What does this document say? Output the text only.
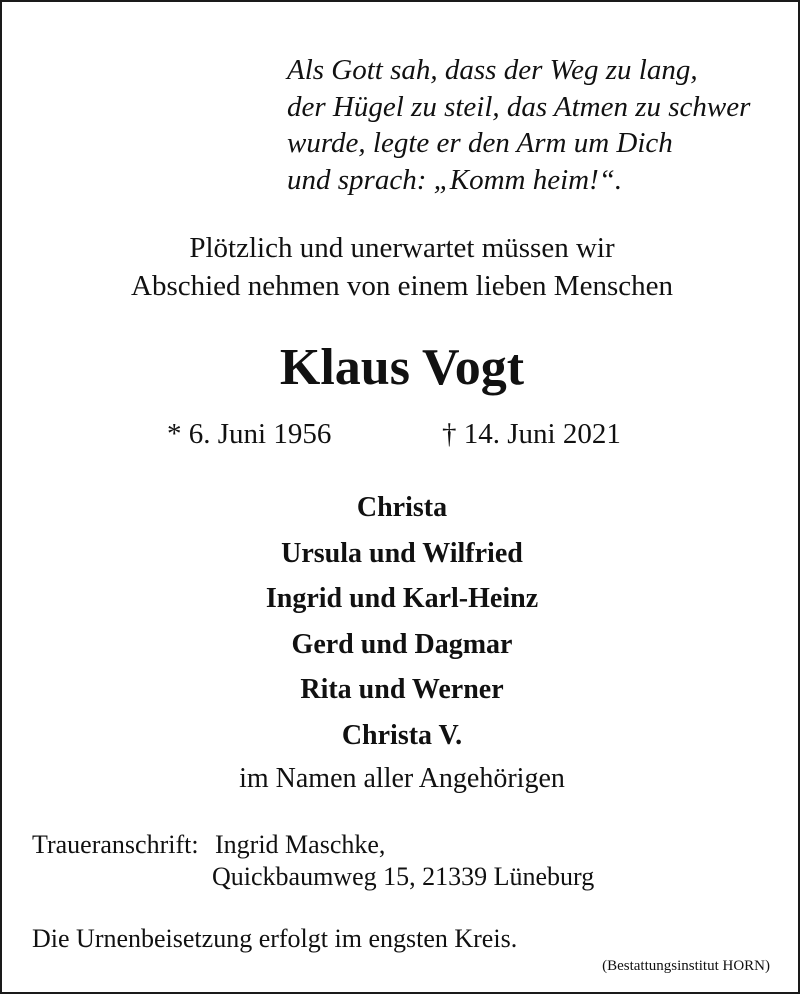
Als Gott sah, dass der Weg zu lang,
der Hügel zu steil, das Atmen zu schwer
wurde, legte er den Arm um Dich
und sprach: „Komm heim!“.
Plötzlich und unerwartet müssen wir
Abschied nehmen von einem lieben Menschen
Klaus Vogt
* 6. Juni 1956	† 14. Juni 2021
Christa
Ursula und Wilfried
Ingrid und Karl-Heinz
Gerd und Dagmar
Rita und Werner
Christa V.
im Namen aller Angehörigen
Traueranschrift: Ingrid Maschke,
Quickbaumweg 15, 21339 Lüneburg
Die Urnenbeisetzung erfolgt im engsten Kreis.
(Bestattungsinstitut HORN)
